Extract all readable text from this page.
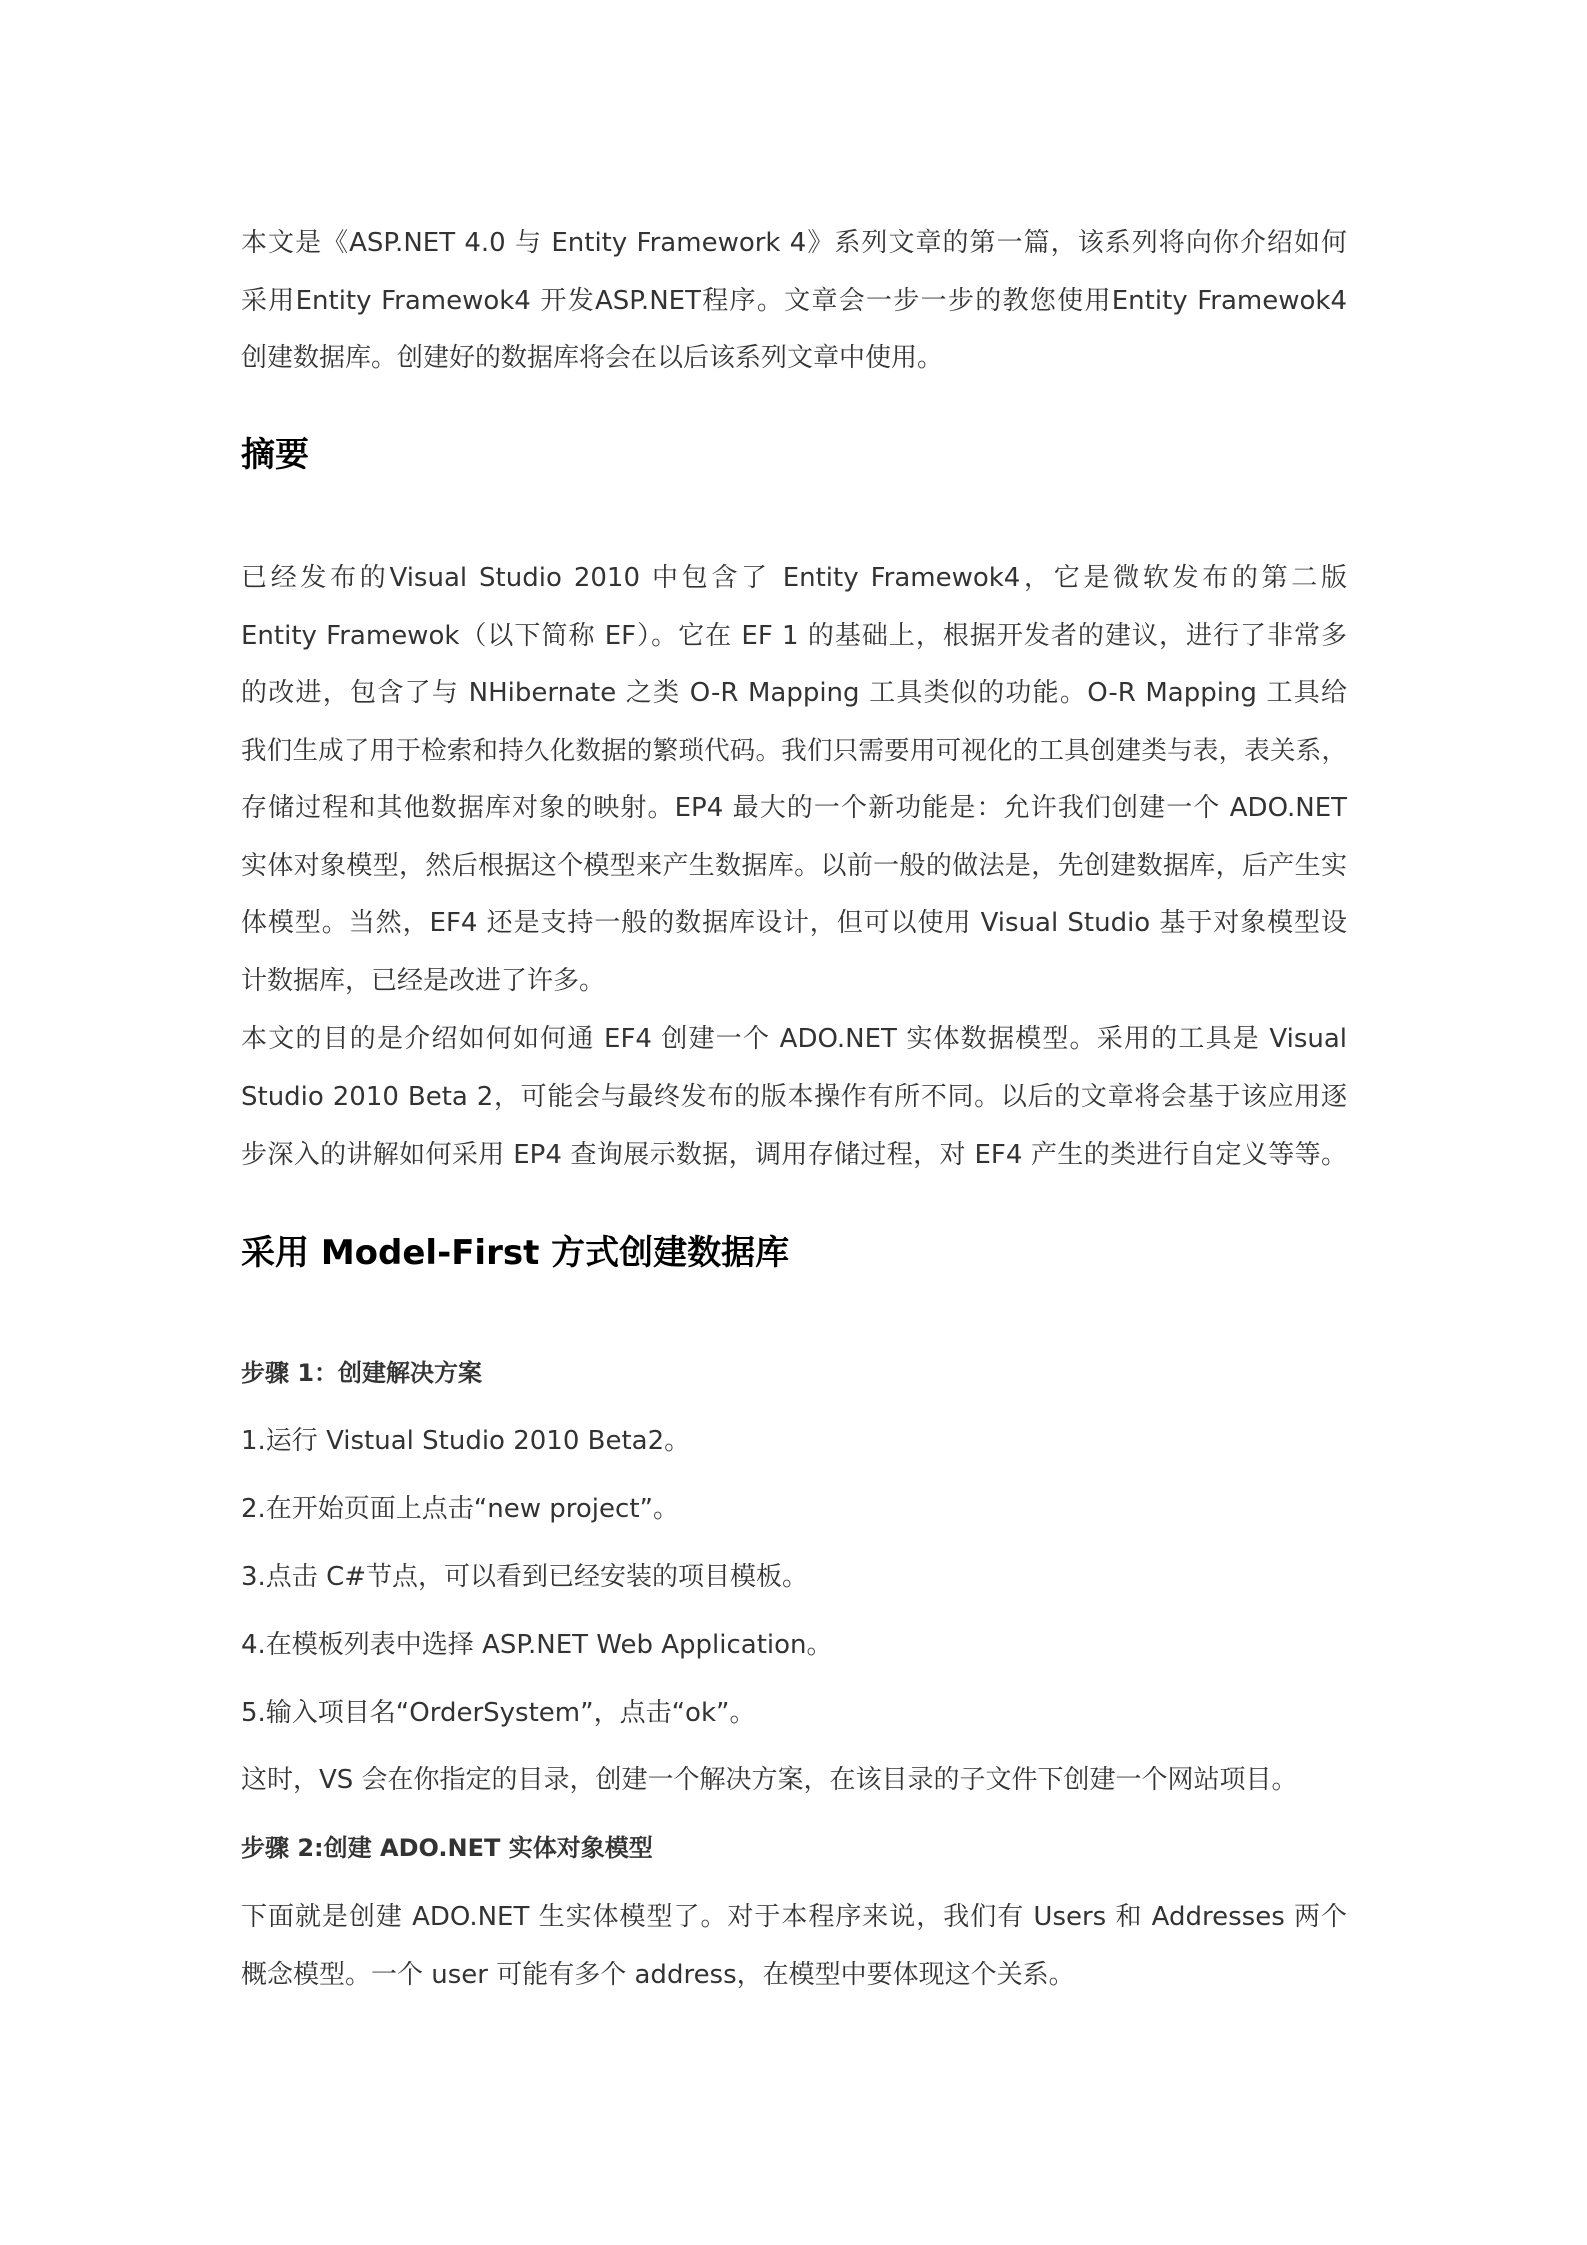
本文是《ASP.NET 4.0 与 Entity Framework 4》系列文章的第一篇，该系列将向你介绍如何
采用Entity Framewok4 开发ASP.NET程序。文章会一步一步的教您使用Entity Framewok4
创建数据库。创建好的数据库将会在以后该系列文章中使用。
摘要
已经发布的Visual Studio 2010 中包含了 Entity Framewok4，它是微软发布的第二版
Entity Framewok（以下简称 EF）。它在 EF 1 的基础上，根据开发者的建议，进行了非常多
的改进，包含了与 NHibernate 之类 O-R Mapping 工具类似的功能。O-R Mapping 工具给
我们生成了用于检索和持久化数据的繁琐代码。我们只需要用可视化的工具创建类与表，表关系，
存储过程和其他数据库对象的映射。EP4 最大的一个新功能是：允许我们创建一个 ADO.NET
实体对象模型，然后根据这个模型来产生数据库。以前一般的做法是，先创建数据库，后产生实
体模型。当然，EF4 还是支持一般的数据库设计，但可以使用 Visual Studio 基于对象模型设
计数据库，已经是改进了许多。
本文的目的是介绍如何如何通 EF4 创建一个 ADO.NET 实体数据模型。采用的工具是 Visual
Studio 2010 Beta 2，可能会与最终发布的版本操作有所不同。以后的文章将会基于该应用逐
步深入的讲解如何采用 EP4 查询展示数据，调用存储过程，对 EF4 产生的类进行自定义等等。
采用 Model-First 方式创建数据库
步骤 1：创建解决方案
1.运行 Vistual Studio 2010 Beta2。
2.在开始页面上点击“new project”。
3.点击 C#节点，可以看到已经安装的项目模板。
4.在模板列表中选择 ASP.NET Web Application。
5.输入项目名“OrderSystem”，点击“ok”。
这时，VS 会在你指定的目录，创建一个解决方案，在该目录的子文件下创建一个网站项目。
步骤 2:创建 ADO.NET 实体对象模型
下面就是创建 ADO.NET 生实体模型了。对于本程序来说，我们有 Users 和 Addresses 两个
概念模型。一个 user 可能有多个 address，在模型中要体现这个关系。
